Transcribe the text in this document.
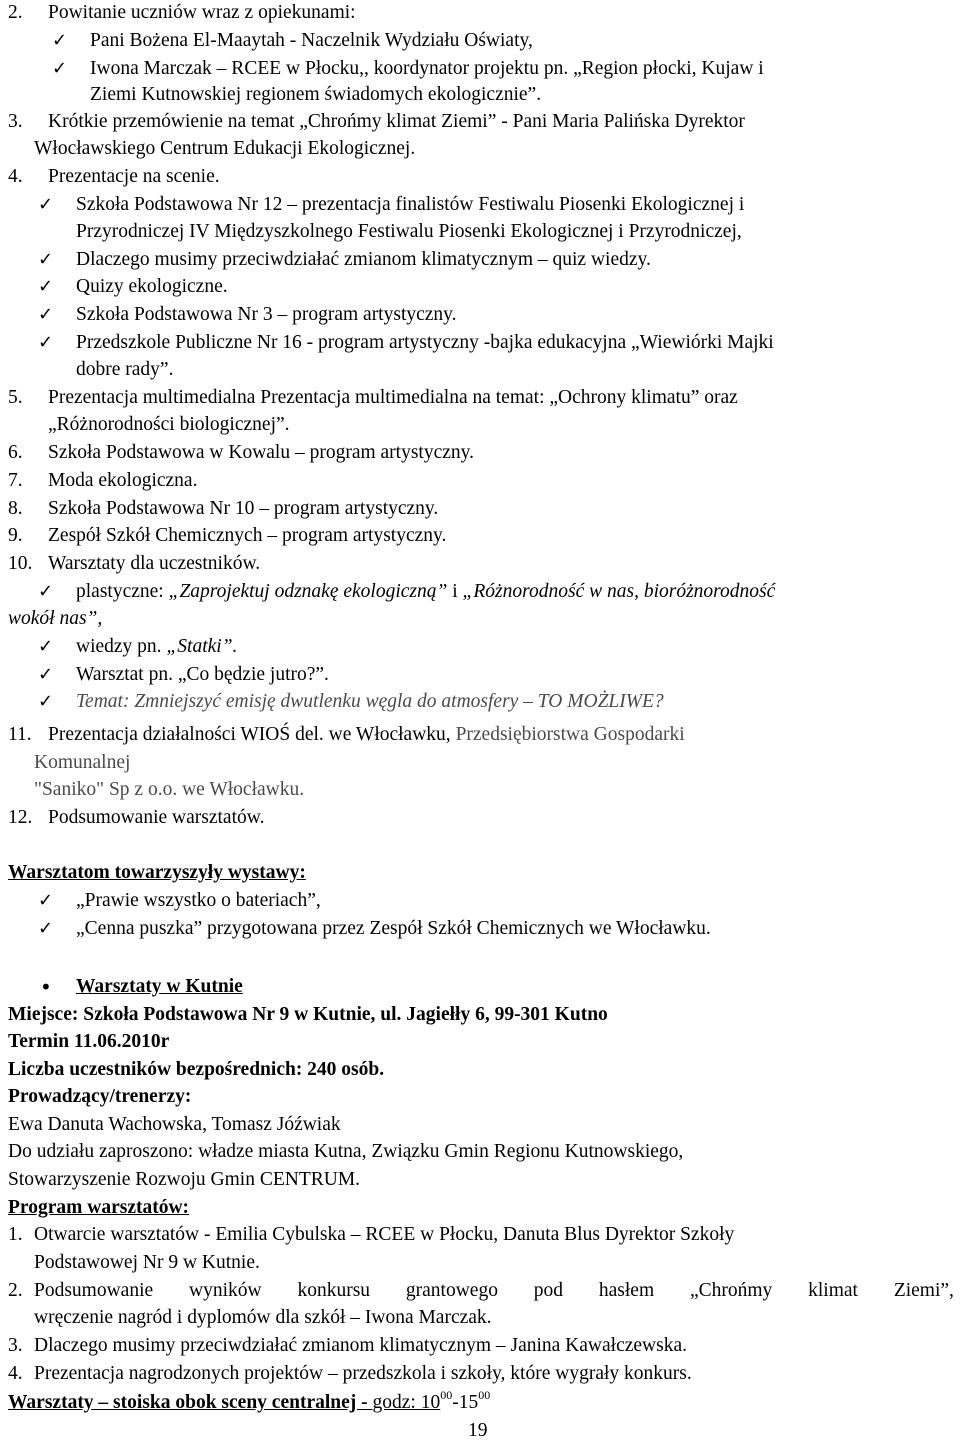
2. Powitanie uczniów wraz z opiekunami:
✓
Pani Bożena El-Maaytah - Naczelnik Wydziału Oświaty,
✓
Iwona Marczak – RCEE w Płocku,, koordynator projektu pn. „Region płocki, Kujaw i
Ziemi Kutnowskiej regionem świadomych ekologicznie”.
3. Krótkie przemówienie na temat „Chrońmy klimat Ziemi” - Pani Maria Palińska Dyrektor
Włocławskiego Centrum Edukacji Ekologicznej.
4. Prezentacje na scenie.
✓
Szkoła Podstawowa Nr 12 – prezentacja finalistów Festiwalu Piosenki Ekologicznej i
Przyrodniczej IV Międzyszkolnego Festiwalu Piosenki Ekologicznej i Przyrodniczej,
✓
Dlaczego musimy przeciwdziałać zmianom klimatycznym – quiz wiedzy.
✓
Quizy ekologiczne.
✓
Szkoła Podstawowa Nr 3 – program artystyczny.
✓
Przedszkole Publiczne Nr 16 - program artystyczny -bajka edukacyjna „Wiewiórki Majki
dobre rady”.
5. Prezentacja multimedialna Prezentacja multimedialna na temat: „Ochrony klimatu” oraz
„Różnorodności biologicznej”.
6. Szkoła Podstawowa w Kowalu – program artystyczny.
7. Moda ekologiczna.
8. Szkoła Podstawowa Nr 10 – program artystyczny.
9. Zespół Szkół Chemicznych – program artystyczny.
10. Warsztaty dla uczestników.
✓
plastyczne: „Zaprojektuj odznakę ekologiczną” i „Różnorodność w nas, bioróżnorodność
wokół nas”,
✓
wiedzy pn. „Statki”.
✓
Warsztat pn. „Co będzie jutro?”.
✓
Temat: Zmniejszyć emisję dwutlenku węgla do atmosfery – TO MOŻLIWE?
11. Prezentacja działalności WIOŚ del. we Włocławku, Przedsiębiorstwa Gospodarki
Komunalnej
"Saniko" Sp z o.o. we Włocławku.
12. Podsumowanie warsztatów.
Warsztatom towarzyszyły wystawy:
✓
„Prawie wszystko o bateriach”,
✓
„Cenna puszka” przygotowana przez Zespół Szkół Chemicznych we Włocławku.
•
Warsztaty w Kutnie
Miejsce: Szkoła Podstawowa Nr 9 w Kutnie, ul. Jagiełły 6, 99-301 Kutno
Termin 11.06.2010r
Liczba uczestników bezpośrednich: 240 osób.
Prowadzący/trenerzy:
Ewa Danuta Wachowska, Tomasz Jóźwiak
Do udziału zaproszono: władze miasta Kutna, Związku Gmin Regionu Kutnowskiego,
Stowarzyszenie Rozwoju Gmin CENTRUM.
Program warsztatów:
1. Otwarcie warsztatów - Emilia Cybulska – RCEE w Płocku, Danuta Blus Dyrektor Szkoły
Podstawowej Nr 9 w Kutnie.
2. Podsumowanie wyników konkursu grantowego pod hasłem „Chrońmy klimat Ziemi”,
wręczenie nagród i dyplomów dla szkół – Iwona Marczak.
3. Dlaczego musimy przeciwdziałać zmianom klimatycznym – Janina Kawałczewska.
4. Prezentacja nagrodzonych projektów – przedszkola i szkoły, które wygrały konkurs.
Warsztaty – stoiska obok sceny centralnej - godz: $10^{00}-15^{00}$
19
